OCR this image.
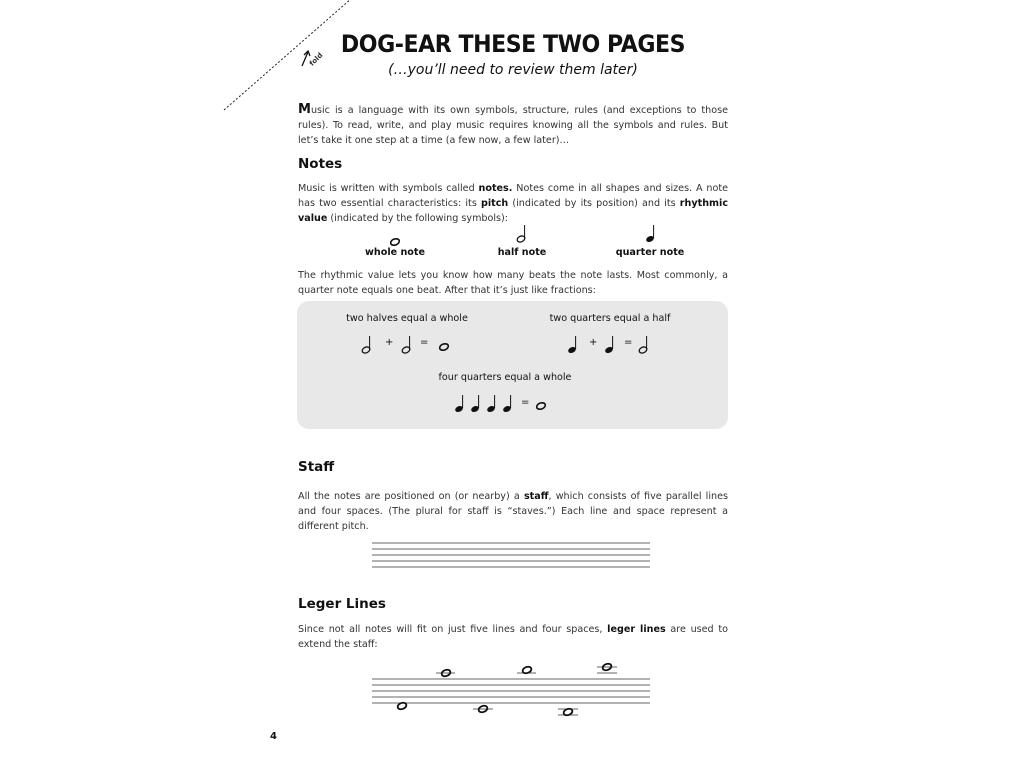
fold
DOG-EAR THESE TWO PAGES
(…you’ll need to review them later)
Music is a language with its own symbols, structure, rules (and exceptions to those rules). To read, write, and play music requires knowing all the symbols and rules. But let’s take it one step at a time (a few now, a few later)…
Notes
Music is written with symbols called notes. Notes come in all shapes and sizes. A note has two essential characteristics: its pitch (indicated by its position) and its rhythmic value (indicated by the following symbols):
whole note	half note	quarter note
The rhythmic value lets you know how many beats the note lasts. Most commonly, a quarter note equals one beat. After that it’s just like fractions:
two halves equal a whole	two quarters equal a half
four quarters equal a whole
+	=	+	=
=
Staff
All the notes are positioned on (or nearby) a staff, which consists of five parallel lines and four spaces. (The plural for staff is “staves.”) Each line and space represent a different pitch.
Leger Lines
Since not all notes will fit on just five lines and four spaces, leger lines are used to extend the staff:
4
